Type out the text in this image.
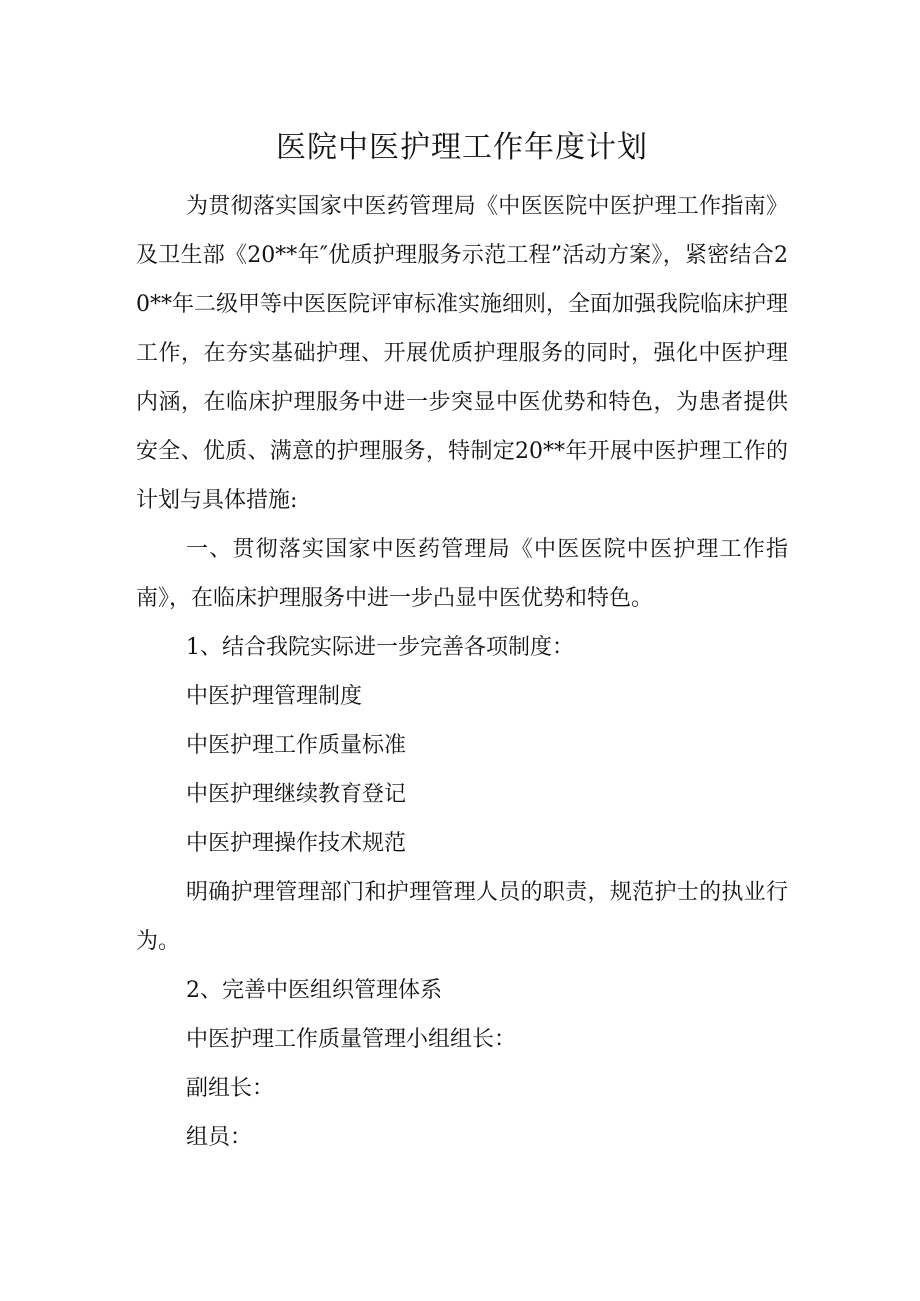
医院中医护理工作年度计划

为贯彻落实国家中医药管理局《中医医院中医护理工作指南》及卫生部《20**年″优质护理服务示范工程”活动方案》，紧密结合20**年二级甲等中医医院评审标准实施细则，全面加强我院临床护理工作，在夯实基础护理、开展优质护理服务的同时，强化中医护理内涵，在临床护理服务中进一步突显中医优势和特色，为患者提供安全、优质、满意的护理服务，特制定20**年开展中医护理工作的计划与具体措施:

一、贯彻落实国家中医药管理局《中医医院中医护理工作指南》，在临床护理服务中进一步凸显中医优势和特色。

1、结合我院实际进一步完善各项制度：

中医护理管理制度

中医护理工作质量标准

中医护理继续教育登记

中医护理操作技术规范

明确护理管理部门和护理管理人员的职责，规范护士的执业行为。

2、完善中医组织管理体系

中医护理工作质量管理小组组长：

副组长：

组员：
